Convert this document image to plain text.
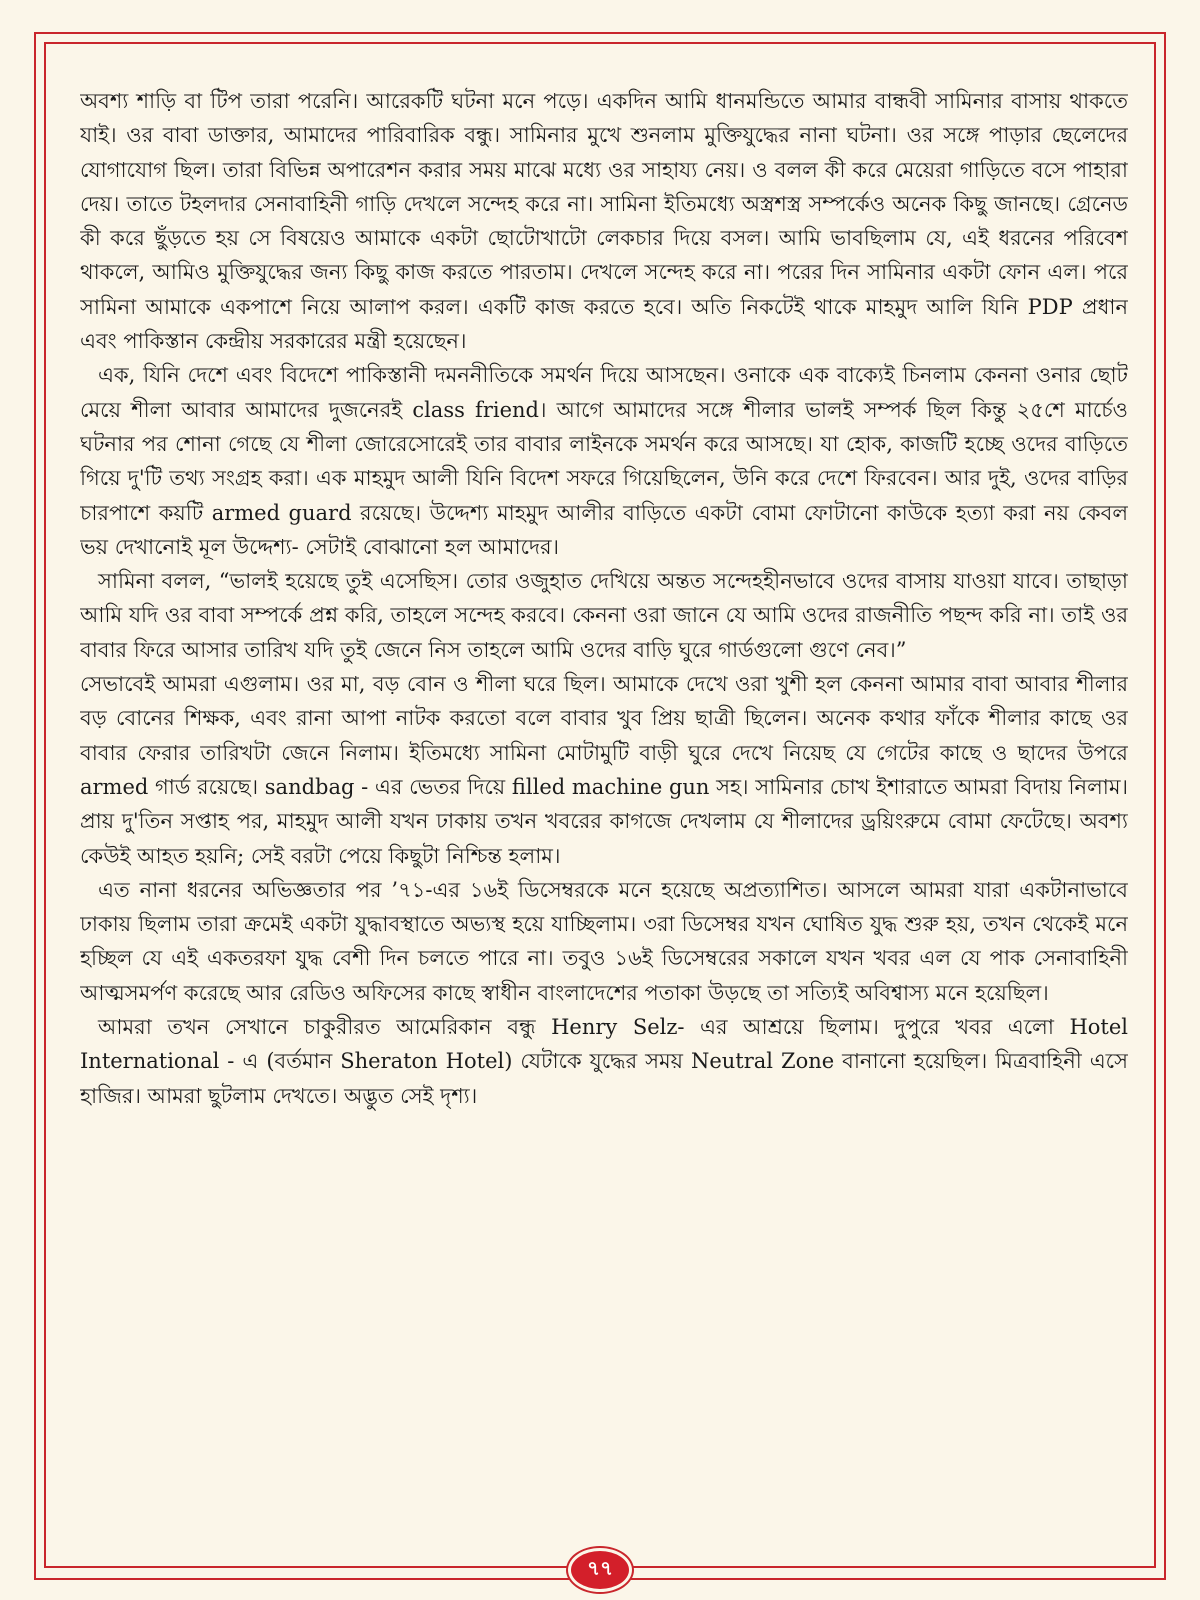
অবশ্য শাড়ি বা টিপ তারা পরেনি। আরেকটি ঘটনা মনে পড়ে। একদিন আমি ধানমন্ডিতে আমার বান্ধবী সামিনার বাসায় থাকতে যাই। ওর বাবা ডাক্তার, আমাদের পারিবারিক বন্ধু। সামিনার মুখে শুনলাম মুক্তিযুদ্ধের নানা ঘটনা। ওর সঙ্গে পাড়ার ছেলেদের যোগাযোগ ছিল। তারা বিভিন্ন অপারেশন করার সময় মাঝে মধ্যে ওর সাহায্য নেয়। ও বলল কী করে মেয়েরা গাড়িতে বসে পাহারা দেয়। তাতে টহলদার সেনাবাহিনী গাড়ি দেখলে সন্দেহ করে না। সামিনা ইতিমধ্যে অস্ত্রশস্ত্র সম্পর্কেও অনেক কিছু জানছে। গ্রেনেড কী করে ছুঁড়তে হয় সে বিষয়েও আমাকে একটা ছোটোখাটো লেকচার দিয়ে বসল। আমি ভাবছিলাম যে, এই ধরনের পরিবেশ থাকলে, আমিও মুক্তিযুদ্ধের জন্য কিছু কাজ করতে পারতাম। দেখলে সন্দেহ করে না। পরের দিন সামিনার একটা ফোন এল। পরে সামিনা আমাকে একপাশে নিয়ে আলাপ করল। একটি কাজ করতে হবে। অতি নিকটেই থাকে মাহমুদ আলি যিনি PDP প্রধান এবং পাকিস্তান কেন্দ্রীয় সরকারের মন্ত্রী হয়েছেন।

এক, যিনি দেশে এবং বিদেশে পাকিস্তানী দমননীতিকে সমর্থন দিয়ে আসছেন। ওনাকে এক বাক্যেই চিনলাম কেননা ওনার ছোট মেয়ে শীলা আবার আমাদের দুজনেরই class friend। আগে আমাদের সঙ্গে শীলার ভালই সম্পর্ক ছিল কিন্তু ২৫শে মার্চেও ঘটনার পর শোনা গেছে যে শীলা জোরেসোরেই তার বাবার লাইনকে সমর্থন করে আসছে। যা হোক, কাজটি হচ্ছে ওদের বাড়িতে গিয়ে দু'টি তথ্য সংগ্রহ করা। এক মাহমুদ আলী যিনি বিদেশ সফরে গিয়েছিলেন, উনি করে দেশে ফিরবেন। আর দুই, ওদের বাড়ির চারপাশে কয়টি armed guard রয়েছে। উদ্দেশ্য মাহমুদ আলীর বাড়িতে একটা বোমা ফোটানো কাউকে হত্যা করা নয় কেবল ভয় দেখানোই মূল উদ্দেশ্য- সেটাই বোঝানো হল আমাদের।

সামিনা বলল, “ভালই হয়েছে তুই এসেছিস। তোর ওজুহাত দেখিয়ে অন্তত সন্দেহহীনভাবে ওদের বাসায় যাওয়া যাবে। তাছাড়া আমি যদি ওর বাবা সম্পর্কে প্রশ্ন করি, তাহলে সন্দেহ করবে। কেননা ওরা জানে যে আমি ওদের রাজনীতি পছন্দ করি না। তাই ওর বাবার ফিরে আসার তারিখ যদি তুই জেনে নিস তাহলে আমি ওদের বাড়ি ঘুরে গার্ডগুলো গুণে নেব।”

সেভাবেই আমরা এগুলাম। ওর মা, বড় বোন ও শীলা ঘরে ছিল। আমাকে দেখে ওরা খুশী হল কেননা আমার বাবা আবার শীলার বড় বোনের শিক্ষক, এবং রানা আপা নাটক করতো বলে বাবার খুব প্রিয় ছাত্রী ছিলেন। অনেক কথার ফাঁকে শীলার কাছে ওর বাবার ফেরার তারিখটা জেনে নিলাম। ইতিমধ্যে সামিনা মোটামুটি বাড়ী ঘুরে দেখে নিয়েছ যে গেটের কাছে ও ছাদের উপরে armed গার্ড রয়েছে। sandbag - এর ভেতর দিয়ে filled machine gun সহ। সামিনার চোখ ইশারাতে আমরা বিদায় নিলাম। প্রায় দু'তিন সপ্তাহ পর, মাহমুদ আলী যখন ঢাকায় তখন খবরের কাগজে দেখলাম যে শীলাদের ড্রয়িংরুমে বোমা ফেটেছে। অবশ্য কেউই আহত হয়নি; সেই বরটা পেয়ে কিছুটা নিশ্চিন্ত হলাম।

এত নানা ধরনের অভিজ্ঞতার পর ’৭১-এর ১৬ই ডিসেম্বরকে মনে হয়েছে অপ্রত্যাশিত। আসলে আমরা যারা একটানাভাবে ঢাকায় ছিলাম তারা ক্রমেই একটা যুদ্ধাবস্থাতে অভ্যস্থ হয়ে যাচ্ছিলাম। ৩রা ডিসেম্বর যখন ঘোষিত যুদ্ধ শুরু হয়, তখন থেকেই মনে হচ্ছিল যে এই একতরফা যুদ্ধ বেশী দিন চলতে পারে না। তবুও ১৬ই ডিসেম্বরের সকালে যখন খবর এল যে পাক সেনাবাহিনী আত্মসমর্পণ করেছে আর রেডিও অফিসের কাছে স্বাধীন বাংলাদেশের পতাকা উড়ছে তা সত্যিই অবিশ্বাস্য মনে হয়েছিল।

আমরা তখন সেখানে চাকুরীরত আমেরিকান বন্ধু Henry Selz- এর আশ্রয়ে ছিলাম। দুপুরে খবর এলো Hotel International - এ (বর্তমান Sheraton Hotel) যেটাকে যুদ্ধের সময় Neutral Zone বানানো হয়েছিল। মিত্রবাহিনী এসে হাজির। আমরা ছুটলাম দেখতে। অদ্ভুত সেই দৃশ্য।

৭৭
